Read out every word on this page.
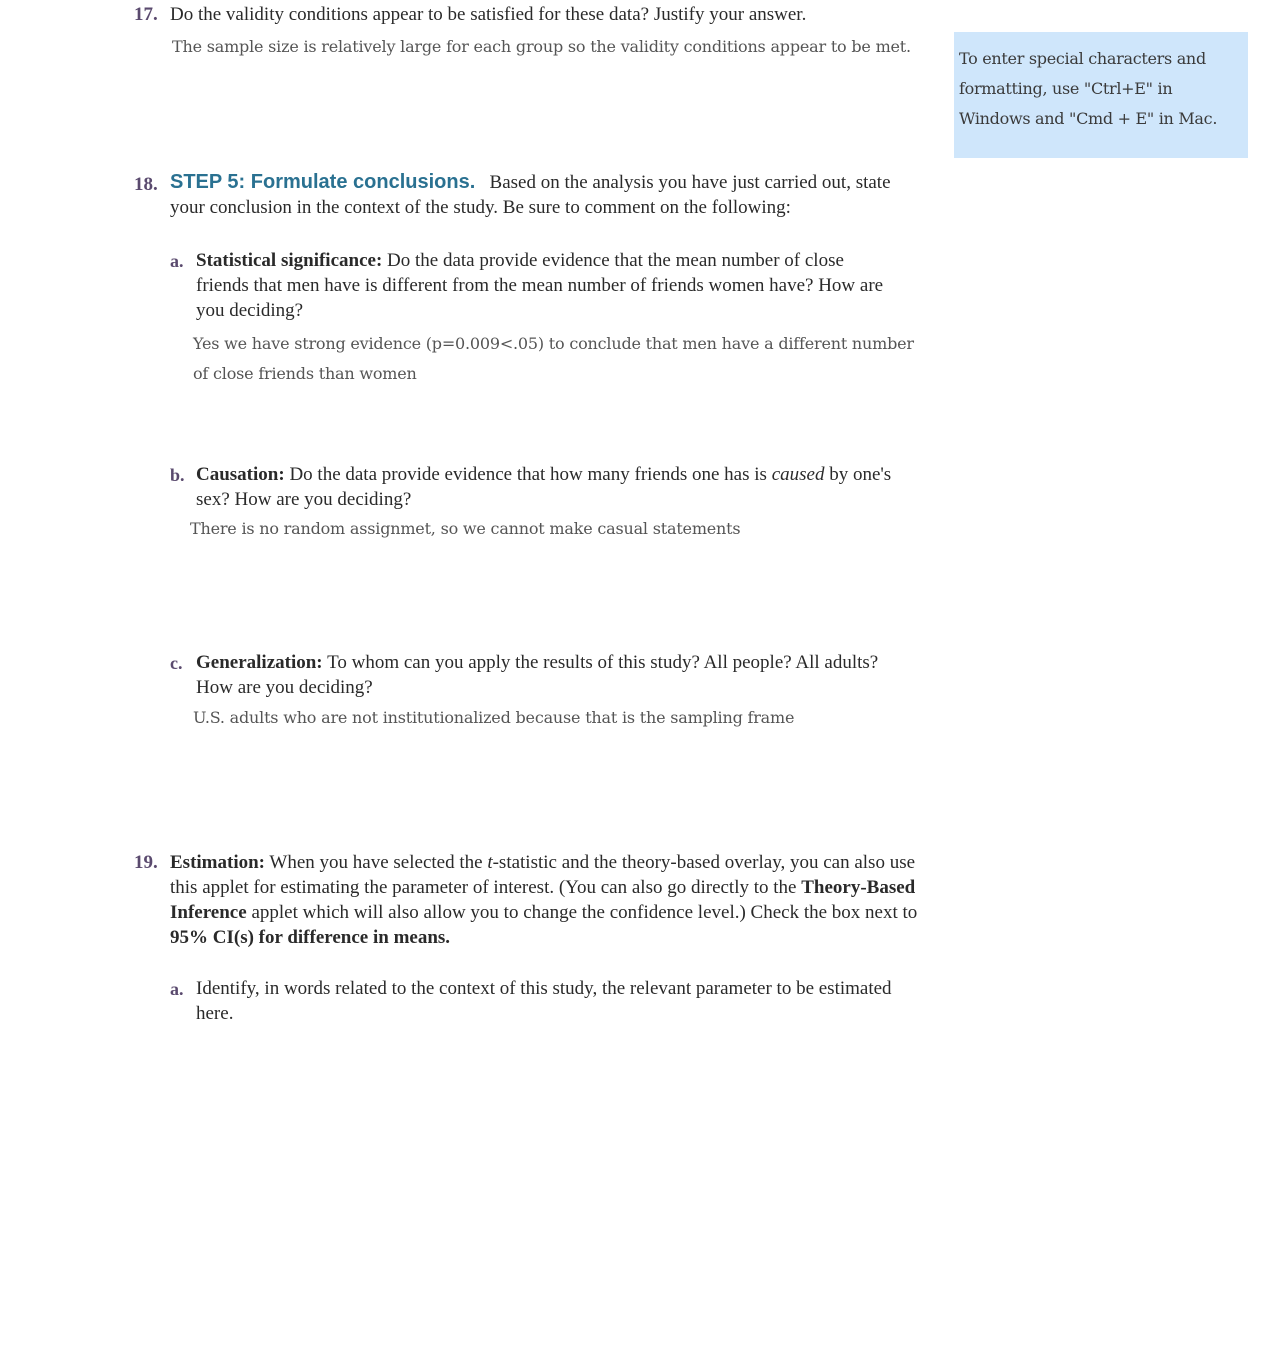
To enter special characters and formatting, use "Ctrl+E" in Windows and "Cmd + E" in Mac.
17. Do the validity conditions appear to be satisfied for these data? Justify your answer.
The sample size is relatively large for each group so the validity conditions appear to be met.
18. STEP 5: Formulate conclusions. Based on the analysis you have just carried out, state your conclusion in the context of the study. Be sure to comment on the following:
a. Statistical significance: Do the data provide evidence that the mean number of close friends that men have is different from the mean number of friends women have? How are you deciding?
Yes we have strong evidence (p=0.009<.05) to conclude that men have a different number of close friends than women
b. Causation: Do the data provide evidence that how many friends one has is caused by one's sex? How are you deciding?
There is no random assignmet, so we cannot make casual statements
c. Generalization: To whom can you apply the results of this study? All people? All adults? How are you deciding?
U.S. adults who are not institutionalized because that is the sampling frame
19. Estimation: When you have selected the t-statistic and the theory-based overlay, you can also use this applet for estimating the parameter of interest. (You can also go directly to the Theory-Based Inference applet which will also allow you to change the confidence level.) Check the box next to 95% CI(s) for difference in means.
a. Identify, in words related to the context of this study, the relevant parameter to be estimated here.
